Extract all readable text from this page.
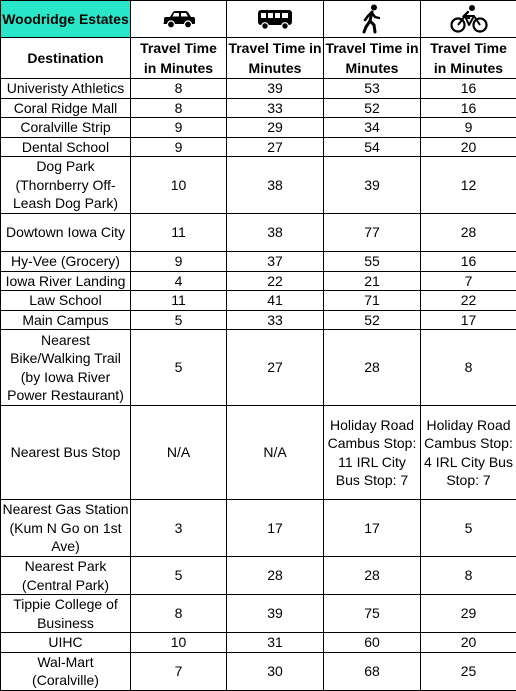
Woodridge Estates	

Destination	Travel Time in Minutes	Travel Time in Minutes	Travel Time in Minutes	Travel Time in Minutes
Univeristy Athletics	8	39	53	16
Coral Ridge Mall	8	33	52	16
Coralville Strip	9	29	34	9
Dental School	9	27	54	20
Dog Park (Thornberry Off-Leash Dog Park)	10	38	39	12
Dowtown Iowa City	11	38	77	28
Hy-Vee (Grocery)	9	37	55	16
Iowa River Landing	4	22	21	7
Law School	11	41	71	22
Main Campus	5	33	52	17
Nearest Bike/Walking Trail (by Iowa River Power Restaurant)	5	27	28	8
Nearest Bus Stop	N/A	N/A	Holiday Road Cambus Stop: 11 IRL City Bus Stop: 7	Holiday Road Cambus Stop: 4 IRL City Bus Stop: 7
Nearest Gas Station (Kum N Go on 1st Ave)	3	17	17	5
Nearest Park (Central Park)	5	28	28	8
Tippie College of Business	8	39	75	29
UIHC	10	31	60	20
Wal-Mart (Coralville)	7	30	68	25
